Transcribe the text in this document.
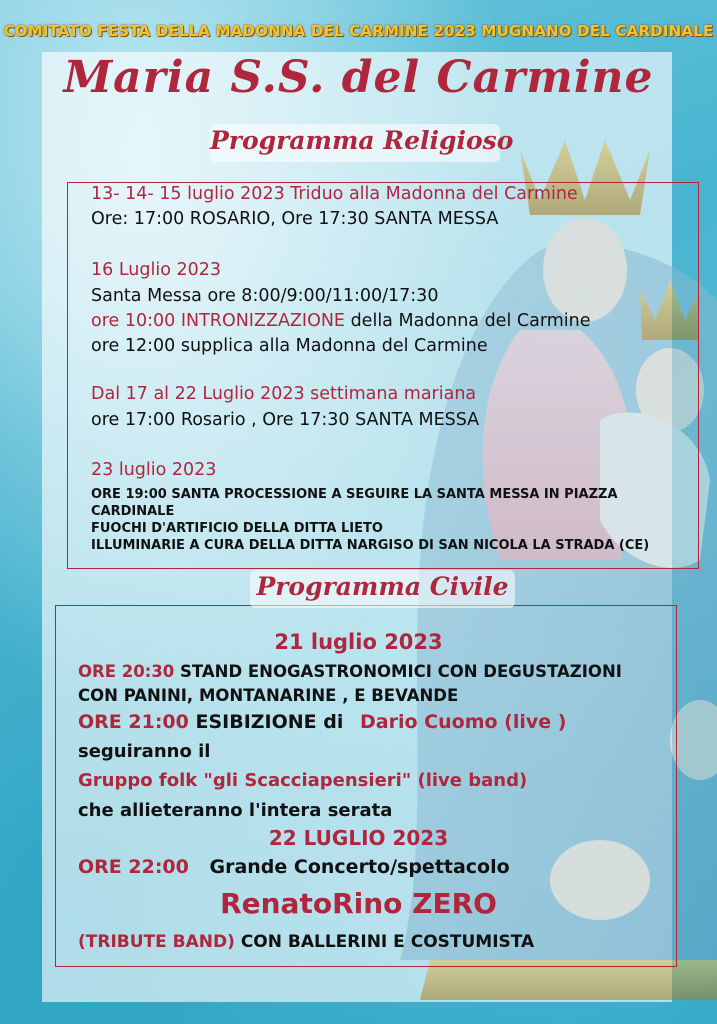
COMITATO FESTA DELLA MADONNA DEL CARMINE 2023 MUGNANO DEL CARDINALE
Maria S.S. del Carmine
Programma Religioso
13- 14- 15 luglio 2023 Triduo alla Madonna del Carmine
Ore: 17:00 ROSARIO, Ore 17:30 SANTA MESSA
16 Luglio 2023
Santa Messa ore 8:00/9:00/11:00/17:30
ore 10:00 INTRONIZZAZIONE della Madonna del Carmine
ore 12:00 supplica alla Madonna del Carmine
Dal 17 al 22 Luglio 2023 settimana mariana
ore 17:00 Rosario , Ore 17:30 SANTA MESSA
23 luglio 2023
ORE 19:00 SANTA PROCESSIONE A SEGUIRE LA SANTA MESSA IN PIAZZA
CARDINALE
FUOCHI D'ARTIFICIO DELLA DITTA LIETO
ILLUMINARIE A CURA DELLA DITTA NARGISO DI SAN NICOLA LA STRADA (CE)
Programma Civile
21 luglio 2023
ORE 20:30 STAND ENOGASTRONOMICI CON DEGUSTAZIONI
CON PANINI, MONTANARINE , E BEVANDE
ORE 21:00 ESIBIZIONE di Dario Cuomo (live )
seguiranno il
Gruppo folk "gli Scacciapensieri" (live band)
che allieteranno l'intera serata
22 LUGLIO 2023
ORE 22:00 Grande Concerto/spettacolo
RenatoRino ZERO
(TRIBUTE BAND) CON BALLERINI E COSTUMISTA
